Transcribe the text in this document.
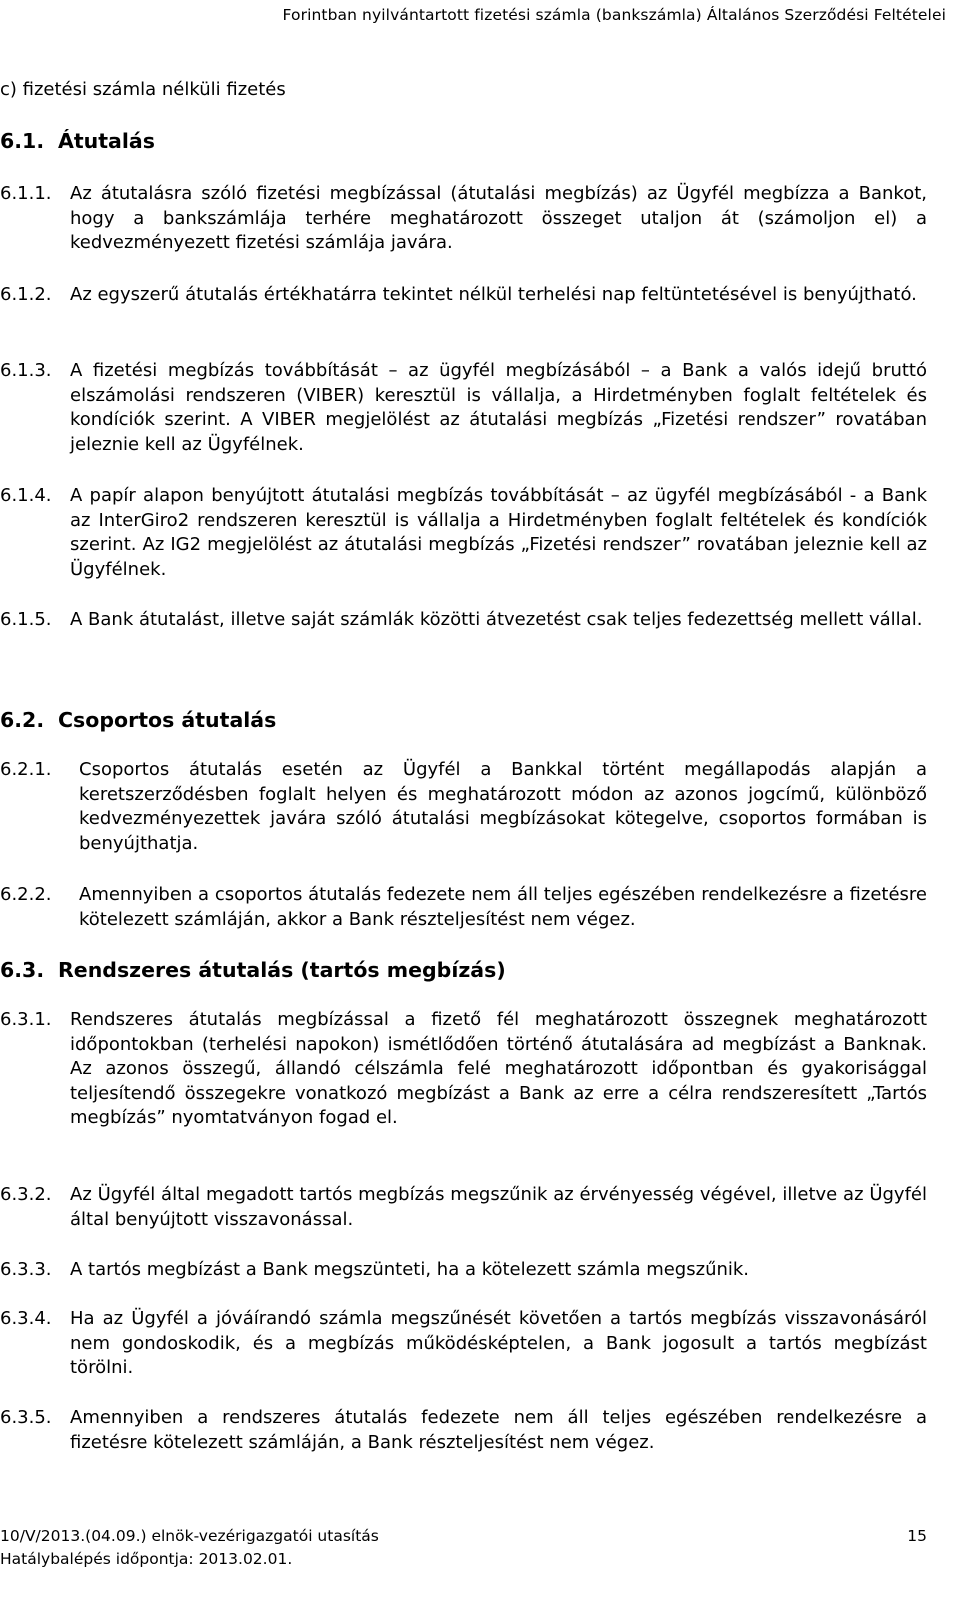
Forintban nyilvántartott fizetési számla (bankszámla) Általános Szerződési Feltételei
c) fizetési számla nélküli fizetés
6.1. Átutalás
6.1.1.	Az átutalásra szóló fizetési megbízással (átutalási megbízás) az Ügyfél megbízza a Bankot, hogy a bankszámlája terhére meghatározott összeget utaljon át (számoljon el) a kedvezményezett fizetési számlája javára.
6.1.2.	Az egyszerű átutalás értékhatárra tekintet nélkül terhelési nap feltüntetésével is benyújtható.
6.1.3.	A fizetési megbízás továbbítását – az ügyfél megbízásából – a Bank a valós idejű bruttó elszámolási rendszeren (VIBER) keresztül is vállalja, a Hirdetményben foglalt feltételek és kondíciók szerint. A VIBER megjelölést az átutalási megbízás „Fizetési rendszer” rovatában jeleznie kell az Ügyfélnek.
6.1.4.	A papír alapon benyújtott átutalási megbízás továbbítását – az ügyfél megbízásából - a Bank az InterGiro2 rendszeren keresztül is vállalja a Hirdetményben foglalt feltételek és kondíciók szerint. Az IG2 megjelölést az átutalási megbízás „Fizetési rendszer” rovatában jeleznie kell az Ügyfélnek.
6.1.5.	A Bank átutalást, illetve saját számlák közötti átvezetést csak teljes fedezettség mellett vállal.
6.2. Csoportos átutalás
6.2.1.	Csoportos átutalás esetén az Ügyfél a Bankkal történt megállapodás alapján a keretszerződésben foglalt helyen és meghatározott módon az azonos jogcímű, különböző kedvezményezettek javára szóló átutalási megbízásokat kötegelve, csoportos formában is benyújthatja.
6.2.2.	Amennyiben a csoportos átutalás fedezete nem áll teljes egészében rendelkezésre a fizetésre kötelezett számláján, akkor a Bank részteljesítést nem végez.
6.3. Rendszeres átutalás (tartós megbízás)
6.3.1.	Rendszeres átutalás megbízással a fizető fél meghatározott összegnek meghatározott időpontokban (terhelési napokon) ismétlődően történő átutalására ad megbízást a Banknak. Az azonos összegű, állandó célszámla felé meghatározott időpontban és gyakorisággal teljesítendő összegekre vonatkozó megbízást a Bank az erre a célra rendszeresített „Tartós megbízás” nyomtatványon fogad el.
6.3.2.	Az Ügyfél által megadott tartós megbízás megszűnik az érvényesség végével, illetve az Ügyfél által benyújtott visszavonással.
6.3.3.	A tartós megbízást a Bank megszünteti, ha a kötelezett számla megszűnik.
6.3.4.	Ha az Ügyfél a jóváírandó számla megszűnését követően a tartós megbízás visszavonásáról nem gondoskodik, és a megbízás működésképtelen, a Bank jogosult a tartós megbízást törölni.
6.3.5.	Amennyiben a rendszeres átutalás fedezete nem áll teljes egészében rendelkezésre a fizetésre kötelezett számláján, a Bank részteljesítést nem végez.
10/V/2013.(04.09.) elnök-vezérigazgatói utasítás	15
Hatálybalépés időpontja: 2013.02.01.
